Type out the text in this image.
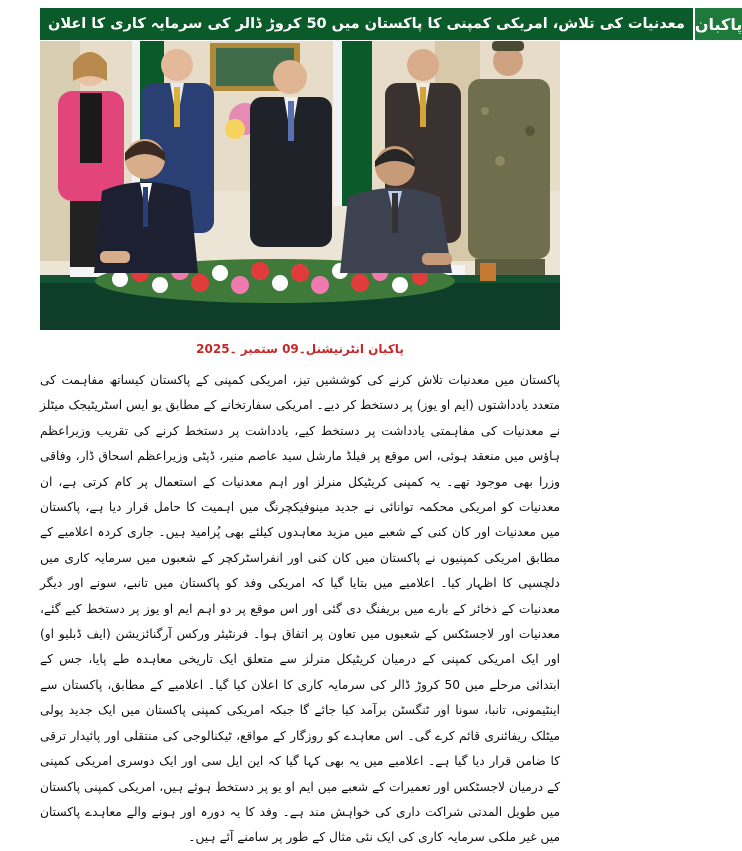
معدنیات کی تلاش، امریکی کمپنی کا پاکستان میں 50 کروڑ ڈالر کی سرمایہ کاری کا اعلان پاکبان
پاکبان انٹرنیشنل۔09 ستمبر ۔2025

پاکستان میں معدنیات تلاش کرنے کی کوششیں تیز، امریکی کمپنی کے پاکستان کیساتھ مفاہمت کی متعدد یادداشتوں (ایم او یوز) پر دستخط کر دیے۔ امریکی سفارتخانے کے مطابق یو ایس اسٹریٹیجک میٹلز نے معدنیات کی مفاہمتی یادداشت پر دستخط کیے، یادداشت پر دستخط کرنے کی تقریب وزیراعظم ہاؤس میں منعقد ہوئی، اس موقع پر فیلڈ مارشل سید عاصم منیر، ڈپٹی وزیراعظم اسحاق ڈار، وفاقی وزرا بھی موجود تھے۔ یہ کمپنی کریٹیکل منرلز اور اہم معدنیات کے استعمال پر کام کرتی ہے، ان معدنیات کو امریکی محکمہ توانائی نے جدید مینوفیکچرنگ میں اہمیت کا حامل قرار دیا ہے، پاکستان میں معدنیات اور کان کنی کے شعبے میں مزید معاہدوں کیلئے بھی پُرامید ہیں۔ جاری کردہ اعلامیے کے مطابق امریکی کمپنیوں نے پاکستان میں کان کنی اور انفراسٹرکچر کے شعبوں میں سرمایہ کاری میں دلچسپی کا اظہار کیا۔ اعلامیے میں بتایا گیا کہ امریکی وفد کو پاکستان میں تانبے، سونے اور دیگر معدنیات کے ذخائر کے بارے میں بریفنگ دی گئی اور اس موقع پر دو اہم ایم او یوز پر دستخط کیے گئے، معدنیات اور لاجسٹکس کے شعبوں میں تعاون پر اتفاق ہوا۔ فرنٹیئر ورکس آرگنائزیشن (ایف ڈبلیو او) اور ایک امریکی کمپنی کے درمیان کریٹیکل منرلز سے متعلق ایک تاریخی معاہدہ طے پایا، جس کے ابتدائی مرحلے میں 50 کروڑ ڈالر کی سرمایہ کاری کا اعلان کیا گیا۔ اعلامیے کے مطابق، پاکستان سے اینٹیمونی، تانبا، سونا اور ٹنگسٹن برآمد کیا جائے گا جبکہ امریکی کمپنی پاکستان میں ایک جدید پولی میٹلک ریفائنری قائم کرے گی۔ اس معاہدے کو روزگار کے مواقع، ٹیکنالوجی کی منتقلی اور پائیدار ترقی کا ضامن قرار دیا گیا ہے۔ اعلامیے میں یہ بھی کہا گیا کہ این ایل سی اور ایک دوسری امریکی کمپنی کے درمیان لاجسٹکس اور تعمیرات کے شعبے میں ایم او یو پر دستخط ہوئے ہیں، امریکی کمپنی پاکستان میں طویل المدتی شراکت داری کی خواہش مند ہے۔ وفد کا یہ دورہ اور ہونے والے معاہدے پاکستان میں غیر ملکی سرمایہ کاری کی ایک نئی مثال کے طور پر سامنے آئے ہیں۔
